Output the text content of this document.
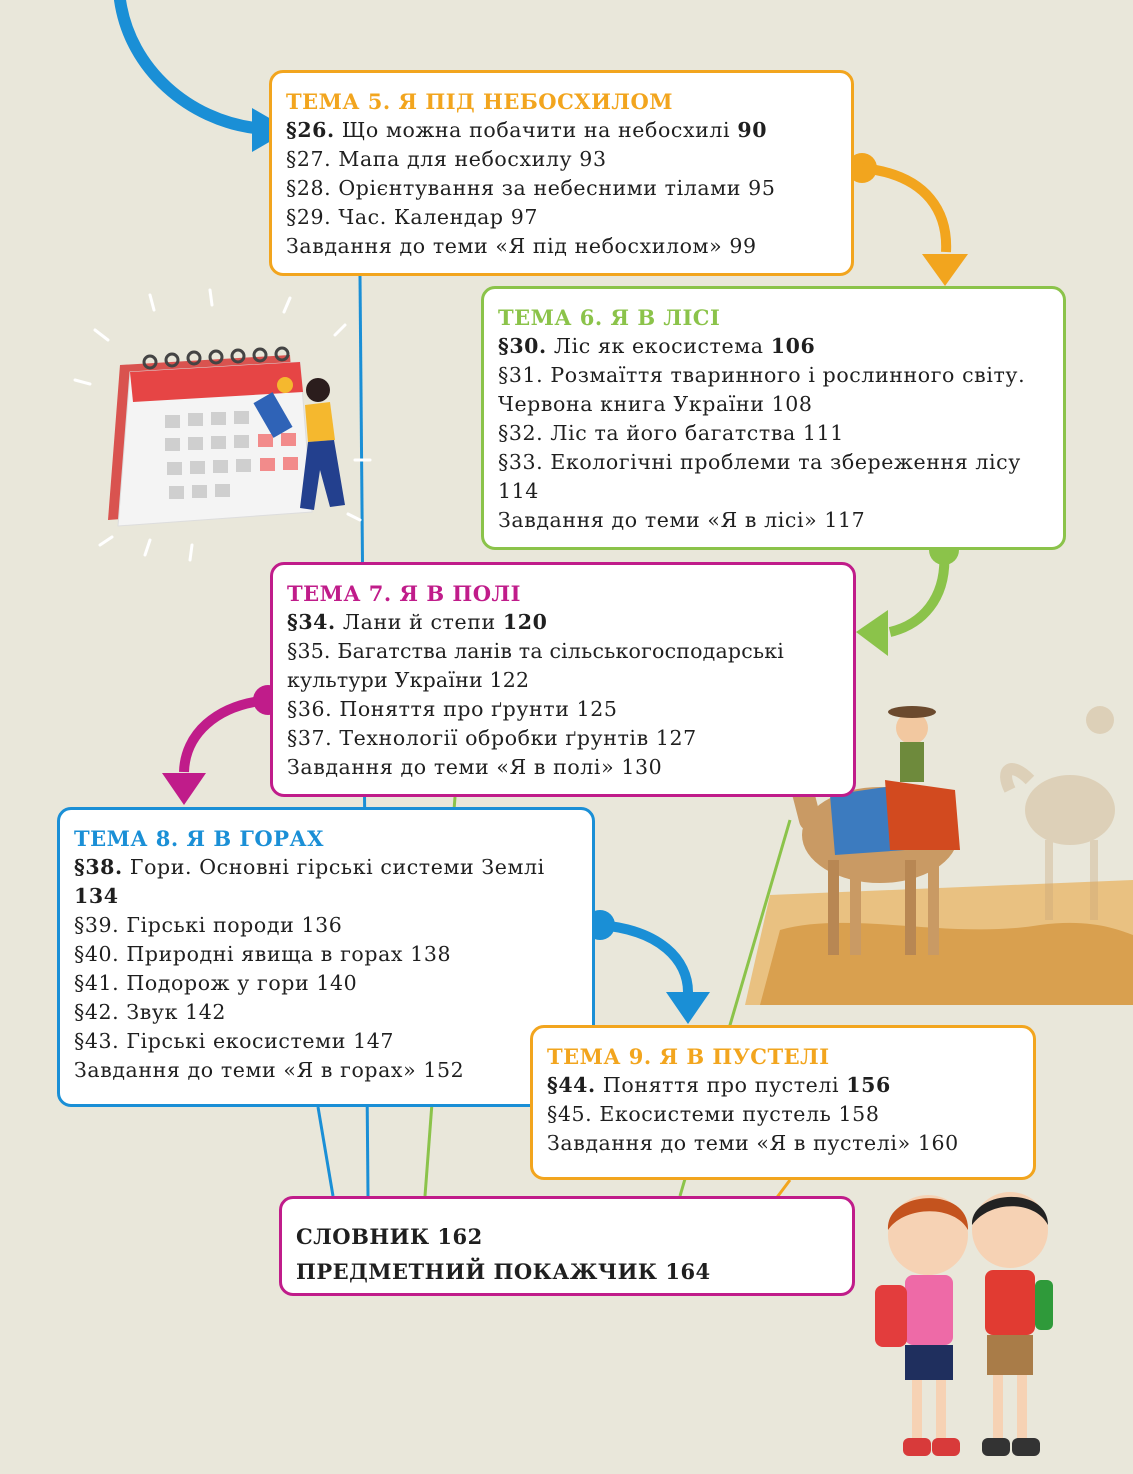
ТЕМА 5. Я ПІД НЕБОСХИЛОМ
§26. Що можна побачити на небосхилі 90
§27. Мапа для небосхилу 93
§28. Орієнтування за небесними тілами 95
§29. Час. Календар 97
Завдання до теми «Я під небосхилом» 99
ТЕМА 6. Я В ЛІСІ
§30. Ліс як екосистема 106
§31. Розмаїття тваринного і рослинного світу. Червона книга України 108
§32. Ліс та його багатства 111
§33. Екологічні проблеми та збереження лісу 114
Завдання до теми «Я в лісі» 117
ТЕМА 7. Я В ПОЛІ
§34. Лани й степи 120
§35. Багатства ланів та сільськогосподарські культури України 122
§36. Поняття про ґрунти 125
§37. Технології обробки ґрунтів 127
Завдання до теми «Я в полі» 130
ТЕМА 8. Я В ГОРАХ
§38. Гори. Основні гірські системи Землі 134
§39. Гірські породи 136
§40. Природні явища в горах 138
§41. Подорож у гори 140
§42. Звук 142
§43. Гірські екосистеми 147
Завдання до теми «Я в горах» 152
ТЕМА 9. Я В ПУСТЕЛІ
§44. Поняття про пустелі 156
§45. Екосистеми пустель 158
Завдання до теми «Я в пустелі» 160
СЛОВНИК 162
ПРЕДМЕТНИЙ ПОКАЖЧИК 164
